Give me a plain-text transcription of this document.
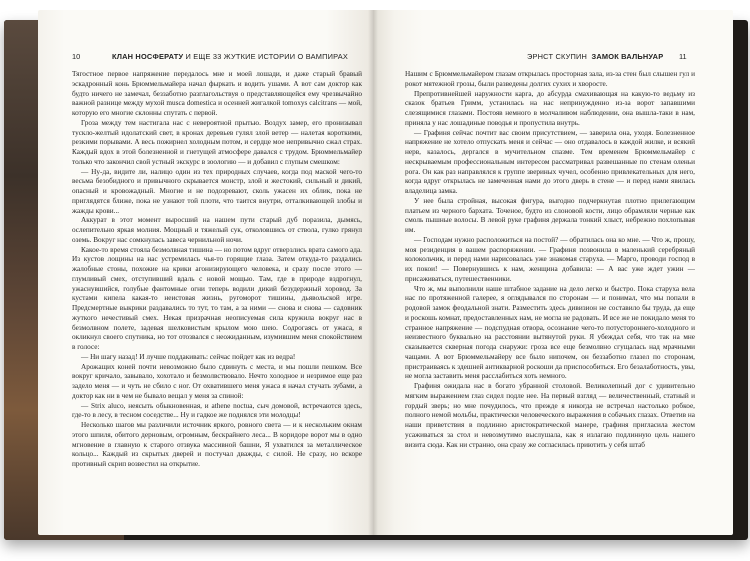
10	КЛАН НОСФЕРАТУ И ЕЩЕ 33 ЖУТКИЕ ИСТОРИИ О ВАМПИРАХ

Тягостное первое напряжение передалось мне и моей лошади, и даже старый бравый эскадронный конь Брюммельмайера начал фыркать и водить ушами. А вот сам доктор как будто ничего не замечал, беззаботно разглагольствуя о представляющейся ему чрезвычайно важной разнице между мухой musca domestica и осенней жигалкой tomoxys calcitrans — мой, которую его многие склонны спутать с первой.

Гроза между тем настигала нас с невероятной прытью. Воздух замер, его пронизывал тускло-желтый идолатский свет, в кронах деревьев гулял злой ветер — налетая короткими, резкими порывами. А весь пожирнел холодным потом, и сердце мое непривычно сжал страх. Каждый вдох в этой болезненной и гнетущей атмосфере давался с трудом. Брюммельмайер только что закончил свой устный экскурс в зоологию — и добавил с глупым смешком:

— Ну-да, видите ли, налицо один из тех природных случаев, когда под маской чего-то весьма безобидного и привычного скрывается монстр, злой и жестокий, сильный и дикий, опасный и кровожадный. Многие и не подозревают, сколь ужасен их облик, пока не приглядятся ближе, пока не узнают той плоти, что таится внутри, отталкивающей злобы и жажды крови...

Аккурат в этот момент выросший на нашем пути старый дуб поразила, дымясь, ослепительно яркая молния. Мощный и тяжелый сук, отколовшись от ствола, гулко грянул оземь. Вокруг нас сомкнулась завеса чернильной ночи.

Какое-то время стояла безмолвная тишина — но потом вдруг отверзлись врата самого ада. Из кустов лощины на нас устремилась чья-то горящие глаза. Затем откуда-то раздались жалобные стоны, похожие на крики агонизирующего человека, и сразу после этого — глумливый смех, отступивший вдаль с новой мощью. Там, где в природе вздрогнул, ужаснувшийся, голубые фантомные огни теперь водили дикий безудержный хоровод. За кустами кипела какая-то неистовая жизнь, ругоморот тишины, дьявольской игре. Предсмертные выкрики раздавались то тут, то там, а за ними — снова и снова — садовник жуткого нечестивый смех. Некая призрачная неописуемая сила кружила вокруг нас в безмолвном полете, задевая шелковистым крылом мою шею. Содрогаясь от ужаса, я окликнул своего спутника, но тот отозвался с неожиданным, изумившим меня спокойствием в голосе:

— Ни шагу назад! И лучше поддакивать: сейчас пойдет как из ведра!

Арожащих коней почти невозможно было сдвинуть с места, и мы пошли пешком. Все вокруг кричало, завывало, хохотало и безмолвствовало. Нечто холодное и незримое еще раз задело меня — и чуть не сбило с ног. От охватившего меня ужаса я начал стучать зубами, а доктор как ни в чем не бывало вещал у меня за спиной:

— Strix aluco, неясыть обыкновенная, и athene noctua, сыч домовой, встречаются здесь, где-то в лесу, в тесном соседстве... Ну и гадкое же поднялся эти молодцы!

Несколько шагов мы различили источник яркого, ровного света — и к нескольким окнам этого шпиля, обитого дерновым, огромным, бескрайнего леса... В коридоре ворот мы в одно мгновение в главную к старого отзвука массивной башни, Я ухватился за металлическое кольцо... Каждый из скрытых дверей и постучал дважды, с силой. Не сразу, но вскоре противный скрип возвестил на открытие.

ЭРНСТ СКУПИН ЗАМОК ВАЛЬНУАР 11

Нашим с Брюммельмайером глазам открылась просторная зала, из-за стен был слышен гул и рокот мятежной грозы, были разведены долгих сухих и хворосте.

Препротивнейшей наружности карга, до абсурда смахивающая на какую-то ведьму из сказок братьев Гримм, устанилась на нас непринужденно из-за ворот запавшими слезящимися глазами. Постояв немного в молчаливом наблюдении, она вышла-таки в нам, приняла у нас лошадиные поводья и пропустила внутрь.

— Графиня сейчас почтит вас своим присутствием, — заверила она, уходя. Болезненное напряжение не хотело отпускать меня и сейчас — оно отдавалось в каждой жилке, и всякий нерв, казалось, дергался в мучительном спазме. Тем временем Брюммельмайер с нескрываемым профессиональным интересом рассматривал развешанные по стенам оленьи рога. Он как раз направлялся к группе звериных чучел, особенно привлекательных для него, когда вдруг открылась не замеченная нами до этого дверь в стене — и перед нами явилась владелица замка.

У нее была стройная, высокая фигура, выгодно подчеркнутая плотно прилегающим платьем из черного бархата. Точеное, будто из слоновой кости, лицо обрамляли черные как смоль пышные волосы. В левой руке графиня держала тонкий хлыст, небрежно похлопывая им.

— Господам нужно расположиться на постой? — обратилась она ко мне. — Что ж, прошу, моя резиденция в вашем распоряжении. — Графиня позвонила в маленький серебряный колокольчик, и перед нами нарисовалась уже знакомая старуха. — Марго, проводи господ в их покои! — Повернувшись к нам, женщина добавила: — А вас уже ждет ужин — присаживаться, путешественники.

Что ж, мы выполнили наше штабное задание на дело легко и быстро. Пока старуха вела нас по протяженной галерее, я оглядывался по сторонам — и понимал, что мы попали в родовой замок феодальной знати. Разместить здесь дивизион не составило бы труда, да еще и роскошь комнат, предоставленных нам, не могла не радовать. И все же не покидало меня то странное напряжение — подспудная отвора, осознание чего-то потустороннего-холодного и неизвестного буквально на расстоянии вытянутой руки. Я убеждал себя, что так на мне сказывается скверная погода снаружи: гроза все еще безмолвно сгущалась над мрачными чащами. А вот Брюммельмайеру все было нипочем, он беззаботно глазел по сторонам, пристраиваясь к здешней антикварной роскоши да приспособиться. Его безалаботность, увы, не могла заставить меня расслабиться хоть немного.

Графиня ожидала нас в богато убранной столовой. Великолепный дог с удивительно мягким выражением глаз сидел подле нее. На первый взгляд — величественный, статный и гордый зверь; но мне почудилось, что прежде я никогда не встречал настолько робкое, полного немой мольбы, практически человеческого выражения в собачьих глазах. Ответив на наши приветствия в подлинно аристократической манере, графиня пригласила жестом усаживаться за стол и невозмутимо выслушала, как я излагаю подлинную цель нашего визита сюда. Как ни странно, она сразу же согласилась приютить у себя штаб
